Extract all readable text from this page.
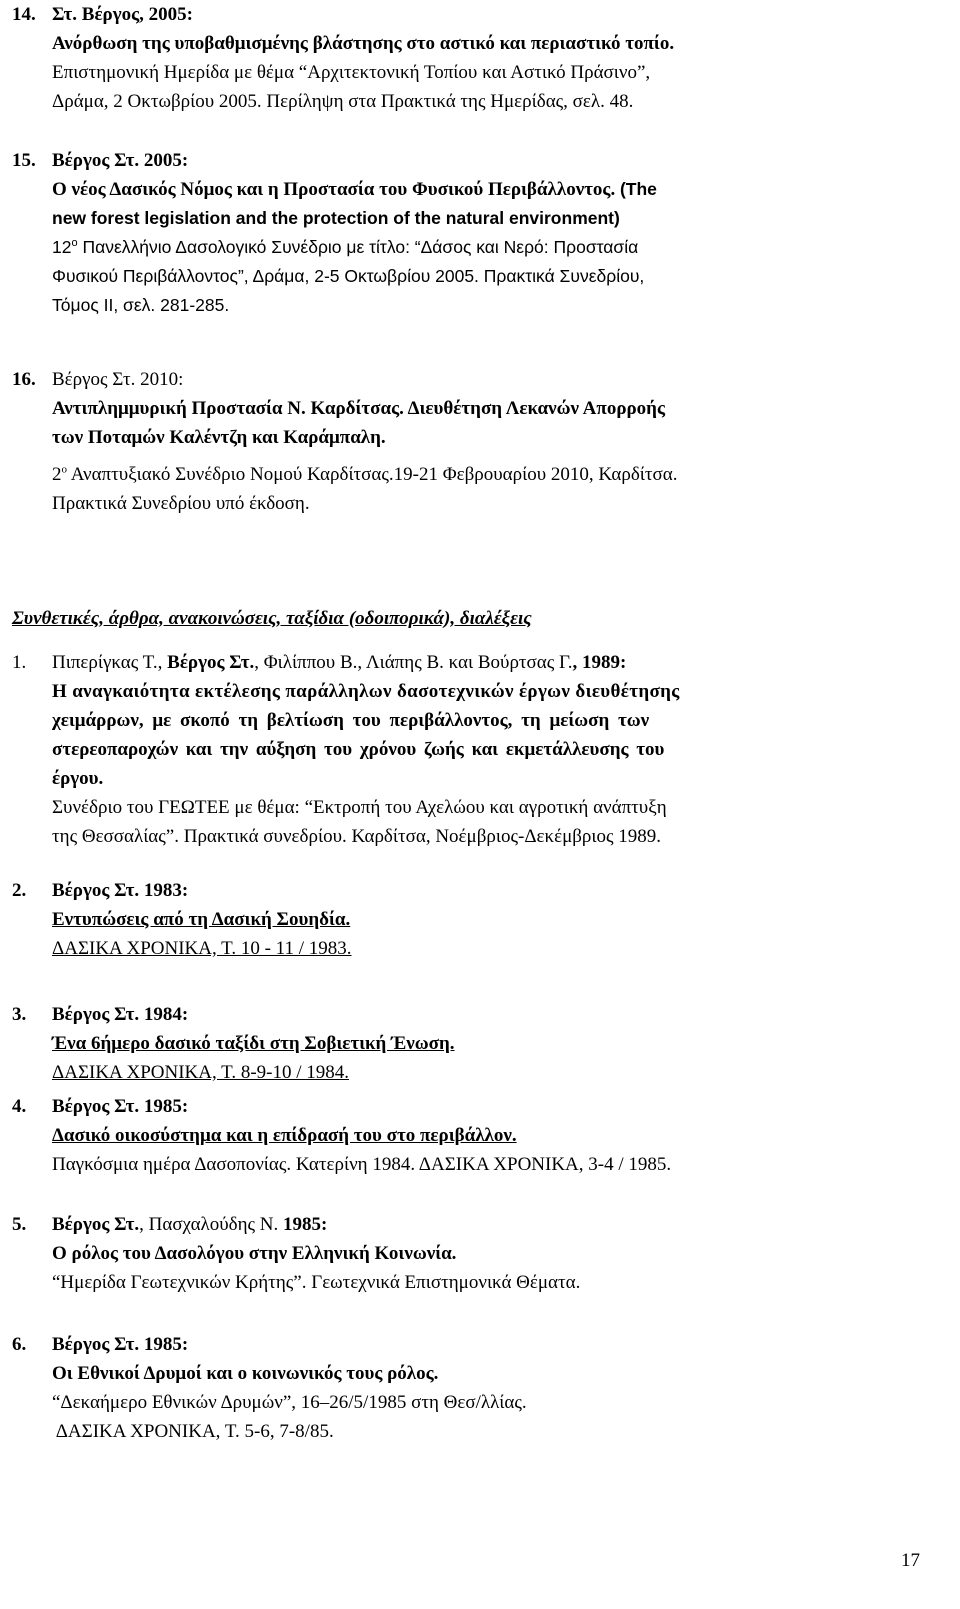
14. Στ. Βέργος, 2005:
Ανόρθωση της υποβαθμισμένης βλάστησης στο αστικό και περιαστικό τοπίο.
Επιστημονική Ημερίδα με θέμα “Αρχιτεκτονική Τοπίου και Αστικό Πράσινο”,
Δράμα, 2 Οκτωβρίου 2005. Περίληψη στα Πρακτικά της Ημερίδας, σελ. 48.
15. Βέργος Στ. 2005:
Ο νέος Δασικός Νόμος και η Προστασία του Φυσικού Περιβάλλοντος. (The
new forest legislation and the protection of the natural environment)
$12^o$ Πανελλήνιο Δασολογικό Συνέδριο με τίτλο: “Δάσος και Νερό: Προστασία
Φυσικού Περιβάλλοντος”, Δράμα, 2-5 Οκτωβρίου 2005. Πρακτικά Συνεδρίου,
Τόμος ΙΙ, σελ. 281-285.
16. Βέργος Στ. 2010:
Αντιπλημμυρική Προστασία Ν. Καρδίτσας. Διευθέτηση Λεκανών Απορροής
των Ποταμών Καλέντζη και Καράμπαλη.
$2^o$ Αναπτυξιακό Συνέδριο Νομού Καρδίτσας.19-21 Φεβρουαρίου 2010, Καρδίτσα.
Πρακτικά Συνεδρίου υπό έκδοση.
Συνθετικές, άρθρα, ανακοινώσεις, ταξίδια (οδοιπορικά), διαλέξεις
1. Πιπερίγκας Τ., Βέργος Στ., Φιλίππου Β., Λιάπης Β. και Βούρτσας Γ., 1989:
Η αναγκαιότητα εκτέλεσης παράλληλων δασοτεχνικών έργων διευθέτησης
χειμάρρων, με σκοπό τη βελτίωση του περιβάλλοντος, τη μείωση των
στερεοπαροχών και την αύξηση του χρόνου ζωής και εκμετάλλευσης του
έργου.
Συνέδριο του ΓΕΩΤΕΕ με θέμα: “Εκτροπή του Αχελώου και αγροτική ανάπτυξη
της Θεσσαλίας”. Πρακτικά συνεδρίου. Καρδίτσα, Νοέμβριος-Δεκέμβριος 1989.
2. Βέργος Στ. 1983:
Εντυπώσεις από τη Δασική Σουηδία.
ΔΑΣΙΚΑ ΧΡΟΝΙΚΑ, Τ. 10 - 11 / 1983.
3. Βέργος Στ. 1984:
Ένα 6ήμερο δασικό ταξίδι στη Σοβιετική Ένωση.
ΔΑΣΙΚΑ ΧΡΟΝΙΚΑ, Τ. 8-9-10 / 1984.
4. Βέργος Στ. 1985:
Δασικό οικοσύστημα και η επίδρασή του στο περιβάλλον.
Παγκόσμια ημέρα Δασοπονίας. Κατερίνη 1984. ΔΑΣΙΚΑ ΧΡΟΝΙΚΑ, 3-4 / 1985.
5. Βέργος Στ., Πασχαλούδης Ν. 1985:
Ο ρόλος του Δασολόγου στην Ελληνική Κοινωνία.
“Ημερίδα Γεωτεχνικών Κρήτης”. Γεωτεχνικά Επιστημονικά Θέματα.
6. Βέργος Στ. 1985:
Οι Εθνικοί Δρυμοί και ο κοινωνικός τους ρόλος.
“Δεκαήμερο Εθνικών Δρυμών”, 16–26/5/1985 στη Θεσ/λλίας.
ΔΑΣΙΚΑ ΧΡΟΝΙΚΑ, Τ. 5-6, 7-8/85.
17
